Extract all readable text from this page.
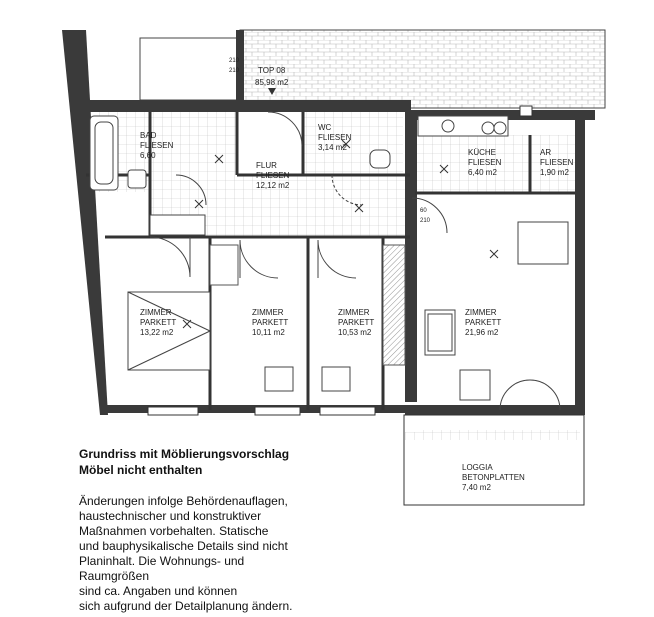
TOP 08
85,98 m2
210
210
60
210
BAD
FLIESEN
6,60
WC
FLIESEN
3,14 m2
FLUR
FLIESEN
12,12 m2
KÜCHE
FLIESEN
6,40 m2
AR
FLIESEN
1,90 m2
ZIMMER
PARKETT
13,22 m2
ZIMMER
PARKETT
10,11 m2
ZIMMER
PARKETT
10,53 m2
ZIMMER
PARKETT
21,96 m2
LOGGIA
BETONPLATTEN
7,40 m2

Grundriss mit Möblierungsvorschlag

Möbel nicht enthalten

Änderungen infolge Behördenauflagen,
haustechnischer und konstruktiver
Maßnahmen vorbehalten. Statische
und bauphysikalische Details sind nicht
Planinhalt. Die Wohnungs- und
Raumgrößen
sind ca. Angaben und können
sich aufgrund der Detailplanung ändern.
